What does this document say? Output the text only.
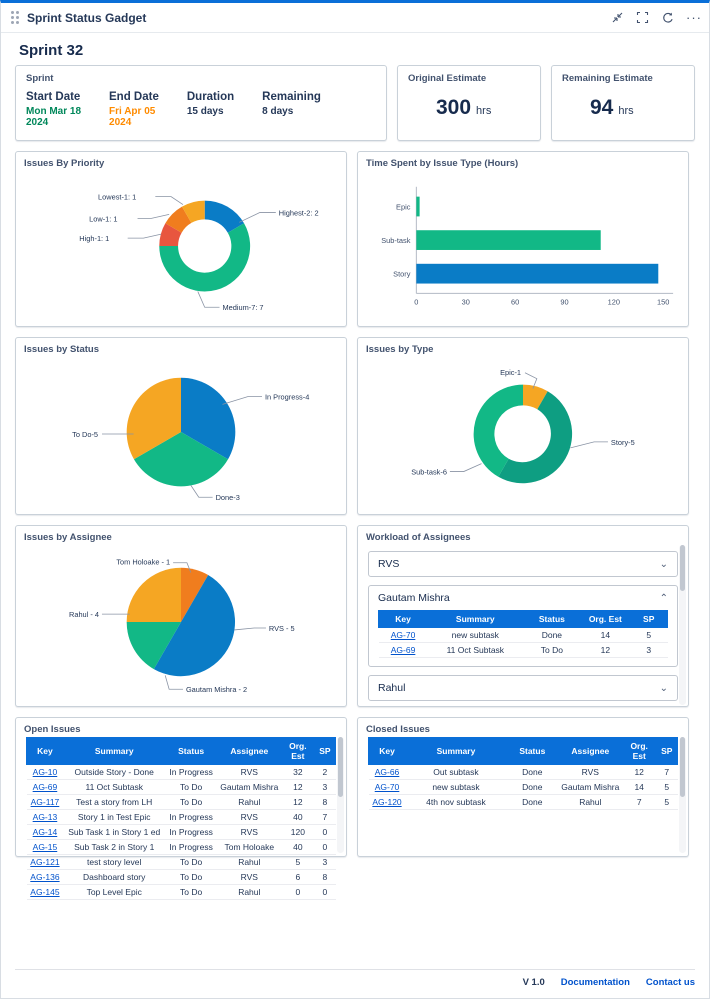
Sprint Status Gadget	···
Sprint 32
Sprint
Start Date
Mon Mar 18
2024
End Date
Fri Apr 05
2024
Duration
15 days
Remaining
8 days
Original Estimate
300 hrs
Remaining Estimate
94 hrs
Issues By Priority
Highest-2: 2
Lowest-1: 1
Low-1: 1
High-1: 1
Medium-7: 7
Time Spent by Issue Type (Hours)
Epic
Sub-task
Story
0	30	60	90	120	150
Issues by Status
In Progress-4
Done-3
To Do-5
Issues by Type
Epic-1
Story-5
Sub-task-6
Issues by Assignee
Tom Holoake - 1
RVS - 5
Gautam Mishra - 2
Rahul - 4
Workload of Assignees
RVS	⌄
Gautam Mishra	⌃
Key	Summary	Status	Org. Est	SP
AG-70	new subtask	Done	14	5
AG-69	11 Oct Subtask	To Do	12	3
Rahul	⌄
Open Issues
Key	Summary	Status	Assignee	Org. Est	SP
AG-10	Outside Story - Done	In Progress	RVS	32	2
AG-69	11 Oct Subtask	To Do	Gautam Mishra	12	3
AG-117	Test a story from LH	To Do	Rahul	12	8
AG-13	Story 1 in Test Epic	In Progress	RVS	40	7
AG-14	Sub Task 1 in Story 1 ed	In Progress	RVS	120	0
AG-15	Sub Task 2 in Story 1	In Progress	Tom Holoake	40	0
AG-121	test story level	To Do	Rahul	5	3
AG-136	Dashboard story	To Do	RVS	6	8
AG-145	Top Level Epic	To Do	Rahul	0	0
Closed Issues
Key	Summary	Status	Assignee	Org. Est	SP
AG-66	Out subtask	Done	RVS	12	7
AG-70	new subtask	Done	Gautam Mishra	14	5
AG-120	4th nov subtask	Done	Rahul	7	5
V 1.0 Documentation Contact us
